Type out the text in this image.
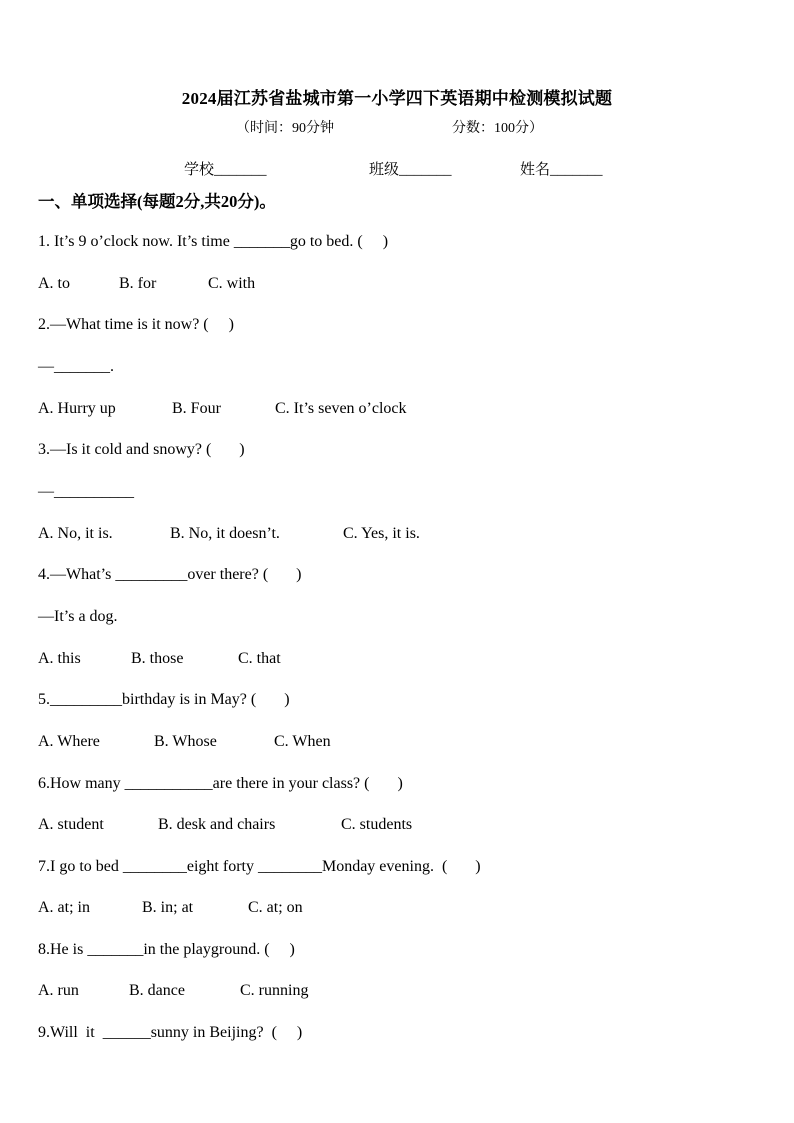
2024届江苏省盐城市第一小学四下英语期中检测模拟试题
（时间：90分钟	分数：100分）
学校_______	班级_______	姓名_______
一、单项选择(每题2分,共20分)。
1. It’s 9 o’clock now. It’s time _______go to bed. (     )
A. to	B. for	C. with
2.—What time is it now? (     )
—_______.
A. Hurry up	B. Four	C. It’s seven o’clock
3.—Is it cold and snowy? (       )
—__________
A. No, it is.	B. No, it doesn’t.	C. Yes, it is.
4.—What’s _________over there? (       )
—It’s a dog.
A. this	B. those	C. that
5._________birthday is in May? (       )
A. Where	B. Whose	C. When
6.How many ___________are there in your class? (       )
A. student	B. desk and chairs	C. students
7.I go to bed ________eight forty ________Monday evening.  (       )
A. at; in	B. in; at	C. at; on
8.He is _______in the playground. (     )
A. run	B. dance	C. running
9.Will  it  ______sunny in Beijing?  (     )
